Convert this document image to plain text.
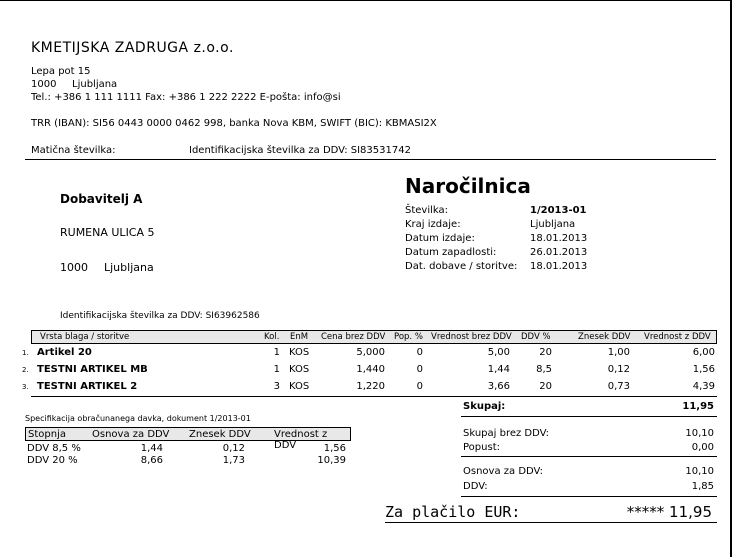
KMETIJSKA ZADRUGA z.o.o.
Lepa pot 15
1000 Ljubljana
Tel.: +386 1 111 1111 Fax: +386 1 222 2222 E-pošta: info@si
TRR (IBAN): SI56 0443 0000 0462 998, banka Nova KBM, SWIFT (BIC): KBMASI2X
Matična številka:	Identifikacijska številka za DDV: SI83531742
Dobavitelj A
RUMENA ULICA 5
1000 Ljubljana
Identifikacijska številka za DDV: SI63962586
Naročilnica
Številka:	1/2013-01
Kraj izdaje:	Ljubljana
Datum izdaje:	18.01.2013
Datum zapadlosti:	26.01.2013
Dat. dobave / storitve: 18.01.2013
Vrsta blaga / storitve	Kol. EnM Cena brez DDV Pop. % Vrednost brez DDV DDV %	Znesek DDV Vrednost z DDV
1. Artikel 20	1 KOS	5,000	0	5,00	20	1,00	6,00
2. TESTNI ARTIKEL MB	1 KOS	1,440	0	1,44	8,5	0,12	1,56
3. TESTNI ARTIKEL 2	3 KOS	1,220	0	3,66	20	0,73	4,39
Skupaj:	11,95
Specifikacija obračunanega davka, dokument 1/2013-01
Stopnja	Osnova za DDV Znesek DDV Vrednost z DDV
DDV 8,5 %	1,44	0,12	1,56
DDV 20 %	8,66	1,73	10,39
Skupaj brez DDV:	10,10
Popust:	0,00
Osnova za DDV:	10,10
DDV:	1,85
Za plačilo EUR:	***** 11,95
